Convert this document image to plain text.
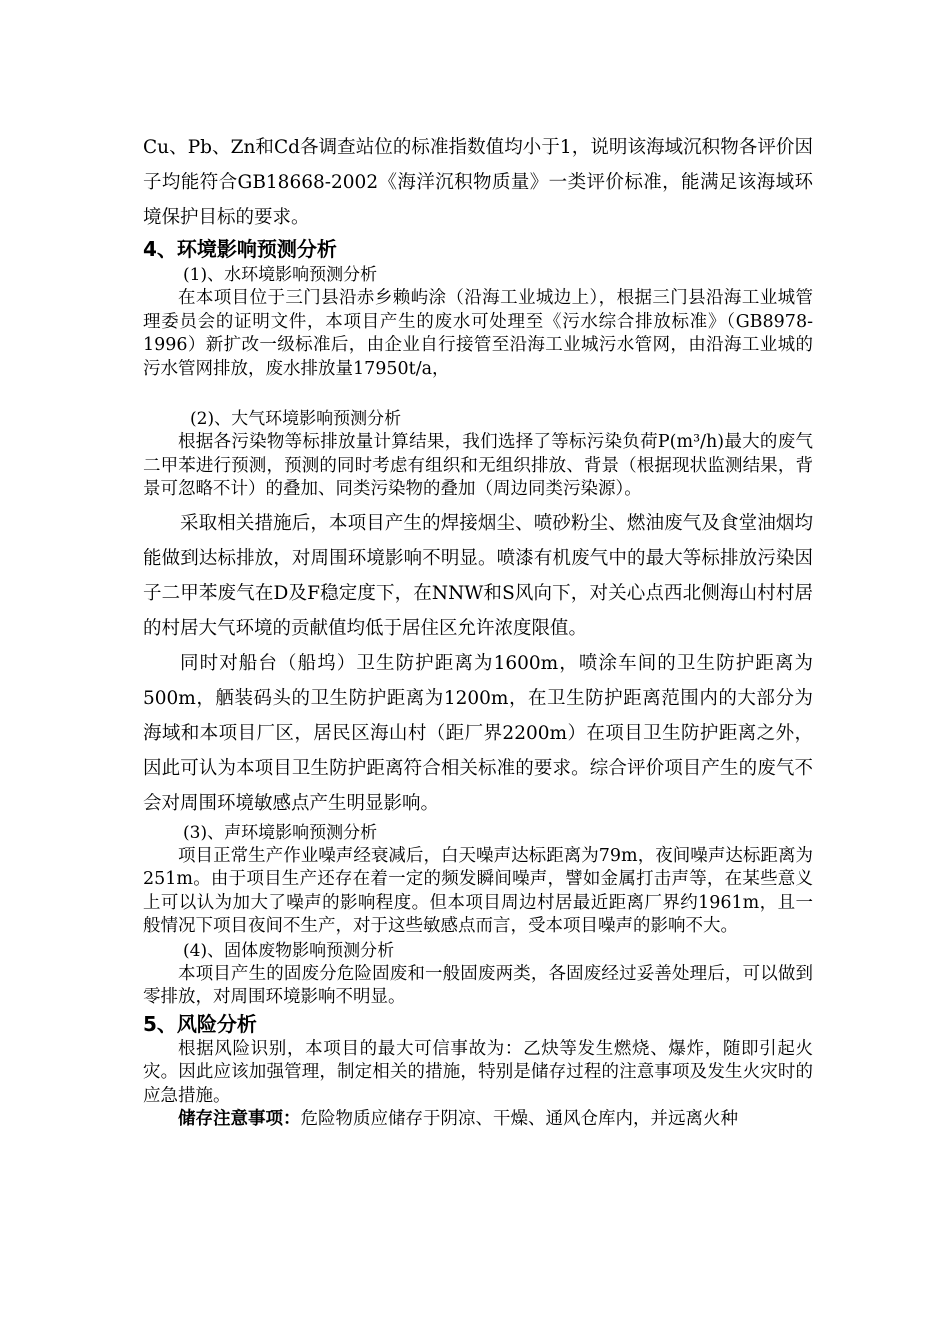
Cu、Pb、Zn和Cd各调查站位的标准指数值均小于1，说明该海域沉积物各评价因子均能符合GB18668-2002《海洋沉积物质量》一类评价标准，能满足该海域环境保护目标的要求。

4、环境影响预测分析

(1)、水环境影响预测分析

在本项目位于三门县沿赤乡赖屿涂（沿海工业城边上），根据三门县沿海工业城管理委员会的证明文件，本项目产生的废水可处理至《污水综合排放标准》（GB8978-1996）新扩改一级标准后，由企业自行接管至沿海工业城污水管网，由沿海工业城的污水管网排放，废水排放量17950t/a，

(2)、大气环境影响预测分析

根据各污染物等标排放量计算结果，我们选择了等标污染负荷P(m³/h)最大的废气二甲苯进行预测，预测的同时考虑有组织和无组织排放、背景（根据现状监测结果，背景可忽略不计）的叠加、同类污染物的叠加（周边同类污染源）。

采取相关措施后，本项目产生的焊接烟尘、喷砂粉尘、燃油废气及食堂油烟均能做到达标排放，对周围环境影响不明显。喷漆有机废气中的最大等标排放污染因子二甲苯废气在D及F稳定度下，在NNW和S风向下，对关心点西北侧海山村村居的村居大气环境的贡献值均低于居住区允许浓度限值。

同时对船台（船坞）卫生防护距离为1600m，喷涂车间的卫生防护距离为500m，舾装码头的卫生防护距离为1200m，在卫生防护距离范围内的大部分为海域和本项目厂区，居民区海山村（距厂界2200m）在项目卫生防护距离之外，因此可认为本项目卫生防护距离符合相关标准的要求。综合评价项目产生的废气不会对周围环境敏感点产生明显影响。

(3)、声环境影响预测分析

项目正常生产作业噪声经衰减后，白天噪声达标距离为79m，夜间噪声达标距离为251m。由于项目生产还存在着一定的频发瞬间噪声，譬如金属打击声等，在某些意义上可以认为加大了噪声的影响程度。但本项目周边村居最近距离厂界约1961m，且一般情况下项目夜间不生产，对于这些敏感点而言，受本项目噪声的影响不大。

(4)、固体废物影响预测分析

本项目产生的固废分危险固废和一般固废两类，各固废经过妥善处理后，可以做到零排放，对周围环境影响不明显。

5、风险分析

根据风险识别，本项目的最大可信事故为：乙炔等发生燃烧、爆炸，随即引起火灾。因此应该加强管理，制定相关的措施，特别是储存过程的注意事项及发生火灾时的应急措施。

储存注意事项：危险物质应储存于阴凉、干燥、通风仓库内，并远离火种
